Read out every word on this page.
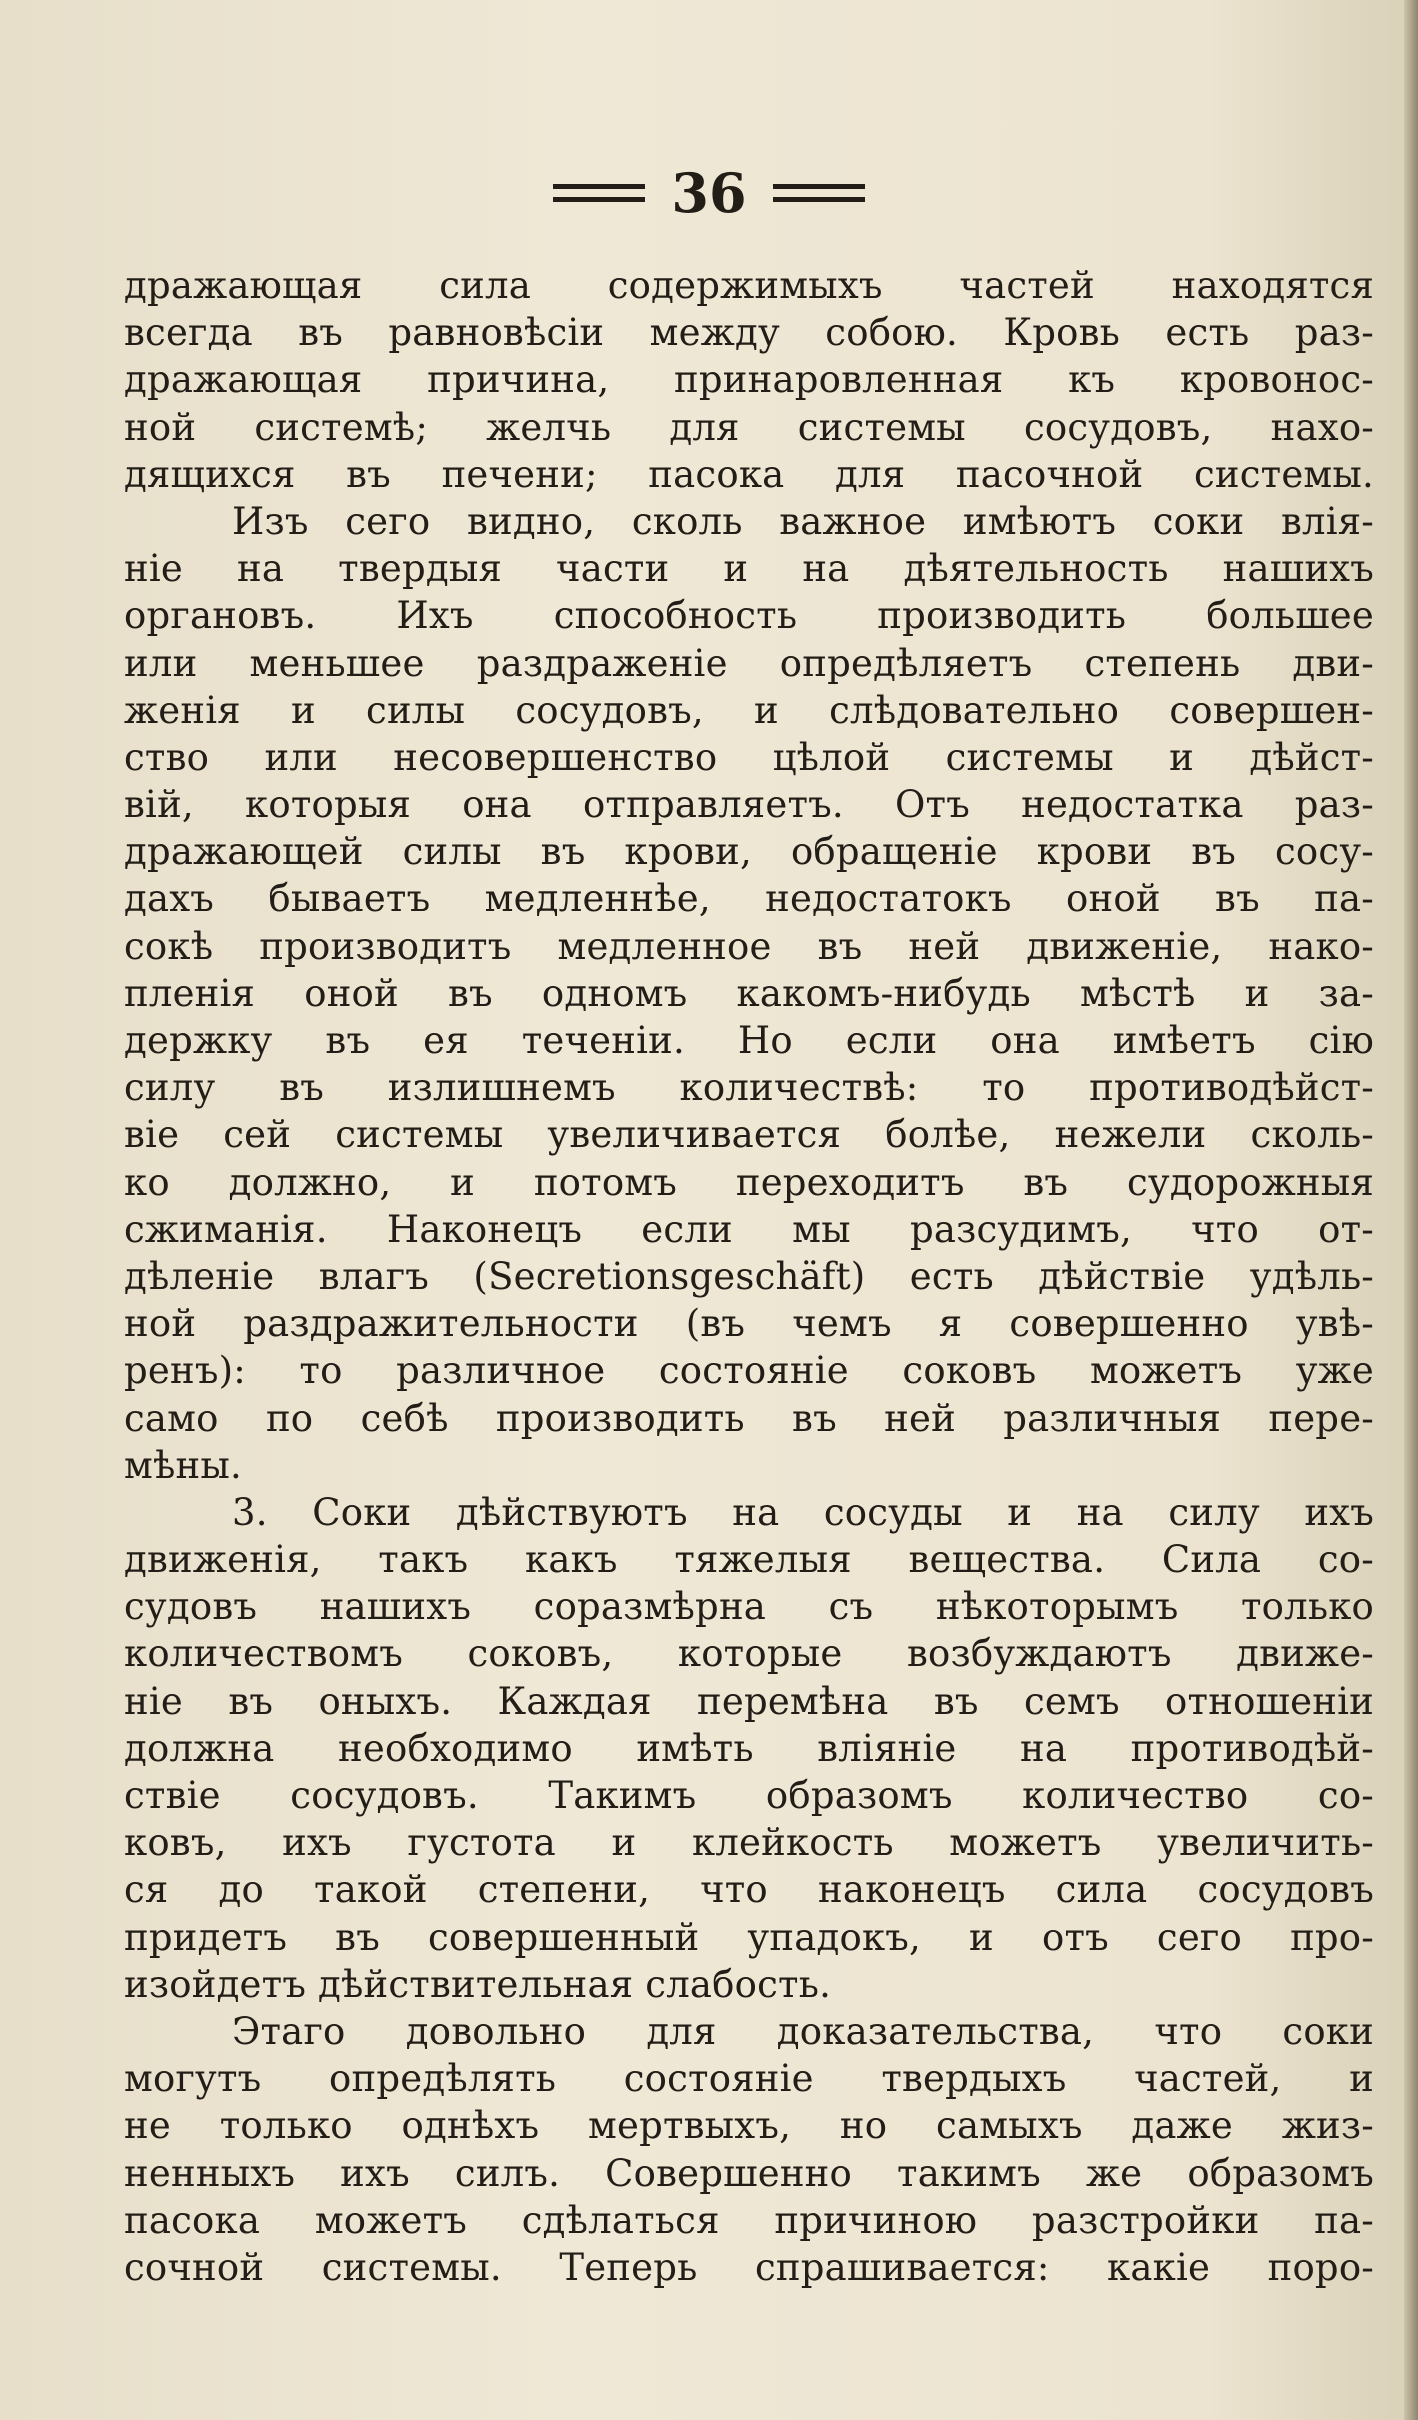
36
дражающая сила содержимыхъ частей находятся
всегда въ равновѣсіи между собою. Кровь есть раз-
дражающая причина, принаровленная къ кровонос-
ной системѣ; желчь для системы сосудовъ, нахо-
дящихся въ печени; пасока для пасочной системы.
Изъ сего видно, сколь важное имѣютъ соки влія-
ніе на твердыя части и на дѣятельность нашихъ
органовъ. Ихъ способность производить большее
или меньшее раздраженіе опредѣляетъ степень дви-
женія и силы сосудовъ, и слѣдовательно совершен-
ство или несовершенство цѣлой системы и дѣйст-
вій, которыя она отправляетъ. Отъ недостатка раз-
дражающей силы въ крови, обращеніе крови въ сосу-
дахъ бываетъ медленнѣе, недостатокъ оной въ па-
сокѣ производитъ медленное въ ней движеніе, нако-
пленія оной въ одномъ какомъ-нибудь мѣстѣ и за-
держку въ ея теченіи. Но если она имѣетъ сію
силу въ излишнемъ количествѣ: то противодѣйст-
віе сей системы увеличивается болѣе, нежели сколь-
ко должно, и потомъ переходитъ въ судорожныя
сжиманія. Наконецъ если мы разсудимъ, что от-
дѣленіе влагъ (Secretionsgeschäft) есть дѣйствіе удѣль-
ной раздражительности (въ чемъ я совершенно увѣ-
ренъ): то различное состояніе соковъ можетъ уже
само по себѣ производить въ ней различныя пере-
мѣны.
3. Соки дѣйствуютъ на сосуды и на силу ихъ
движенія, такъ какъ тяжелыя вещества. Сила со-
судовъ нашихъ соразмѣрна съ нѣкоторымъ только
количествомъ соковъ, которые возбуждаютъ движе-
ніе въ оныхъ. Каждая перемѣна въ семъ отношеніи
должна необходимо имѣть вліяніе на противодѣй-
ствіе сосудовъ. Такимъ образомъ количество со-
ковъ, ихъ густота и клейкость можетъ увеличить-
ся до такой степени, что наконецъ сила сосудовъ
придетъ въ совершенный упадокъ, и отъ сего про-
изойдетъ дѣйствительная слабость.
Этаго довольно для доказательства, что соки
могутъ опредѣлять состояніе твердыхъ частей, и
не только однѣхъ мертвыхъ, но самыхъ даже жиз-
ненныхъ ихъ силъ. Совершенно такимъ же образомъ
пасока можетъ сдѣлаться причиною разстройки па-
сочной системы. Теперь спрашивается: какіе поро-
